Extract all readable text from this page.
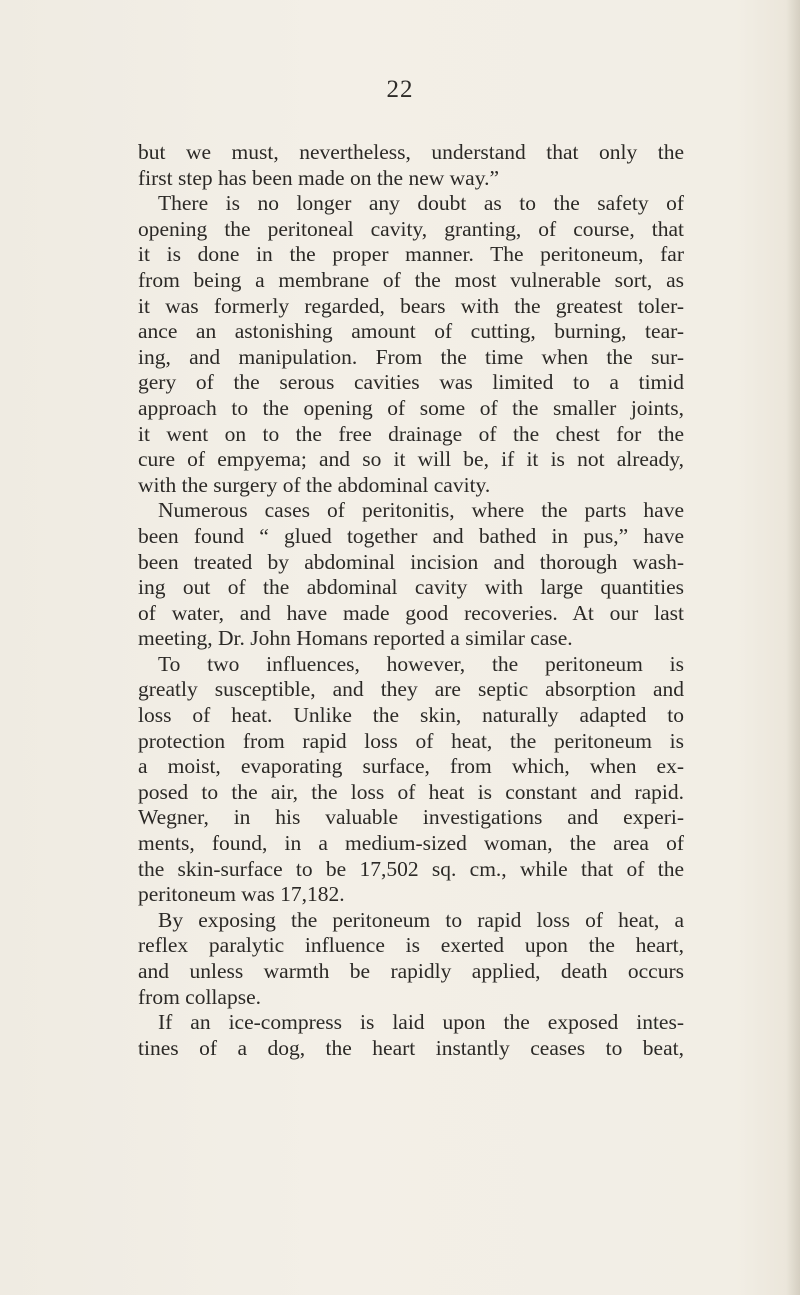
22
but we must, nevertheless, understand that only the
first step has been made on the new way.”
There is no longer any doubt as to the safety of
opening the peritoneal cavity, granting, of course, that
it is done in the proper manner. The peritoneum, far
from being a membrane of the most vulnerable sort, as
it was formerly regarded, bears with the greatest toler-
ance an astonishing amount of cutting, burning, tear-
ing, and manipulation. From the time when the sur-
gery of the serous cavities was limited to a timid
approach to the opening of some of the smaller joints,
it went on to the free drainage of the chest for the
cure of empyema; and so it will be, if it is not already,
with the surgery of the abdominal cavity.
Numerous cases of peritonitis, where the parts have
been found “ glued together and bathed in pus,” have
been treated by abdominal incision and thorough wash-
ing out of the abdominal cavity with large quantities
of water, and have made good recoveries. At our last
meeting, Dr. John Homans reported a similar case.
To two influences, however, the peritoneum is
greatly susceptible, and they are septic absorption and
loss of heat. Unlike the skin, naturally adapted to
protection from rapid loss of heat, the peritoneum is
a moist, evaporating surface, from which, when ex-
posed to the air, the loss of heat is constant and rapid.
Wegner, in his valuable investigations and experi-
ments, found, in a medium-sized woman, the area of
the skin-surface to be 17,502 sq. cm., while that of the
peritoneum was 17,182.
By exposing the peritoneum to rapid loss of heat, a
reflex paralytic influence is exerted upon the heart,
and unless warmth be rapidly applied, death occurs
from collapse.
If an ice-compress is laid upon the exposed intes-
tines of a dog, the heart instantly ceases to beat,
